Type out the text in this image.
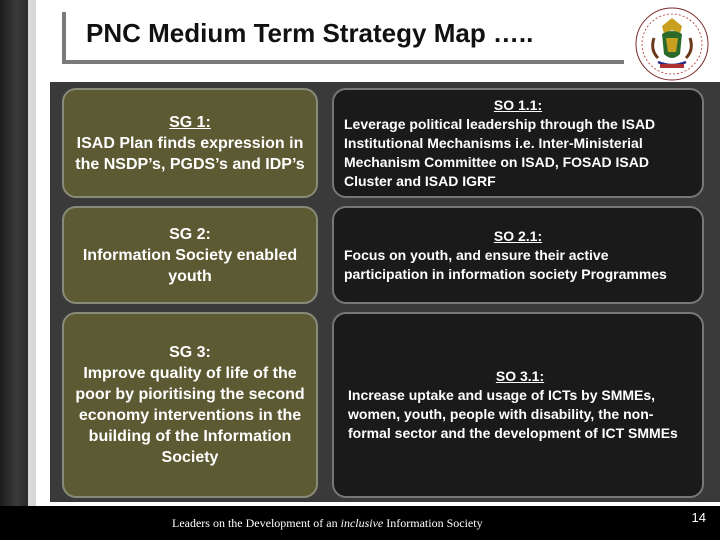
PNC Medium Term Strategy Map …..
SG 1:
ISAD Plan finds expression in the NSDP’s, PGDS’s and IDP’s
SO 1.1:
Leverage political leadership through the ISAD Institutional Mechanisms i.e. Inter-Ministerial Mechanism Committee on ISAD, FOSAD ISAD Cluster and ISAD IGRF
SG 2:
Information Society enabled youth
SO 2.1:
Focus on youth, and ensure their active participation in information society Programmes
SG 3:
Improve quality of life of the poor by pioritising the second economy interventions in the building of the Information Society
SO 3.1:
Increase uptake and usage of ICTs by SMMEs, women, youth, people with disability, the non-formal sector and the development of ICT SMMEs
Leaders on the Development of an inclusive Information Society	14
